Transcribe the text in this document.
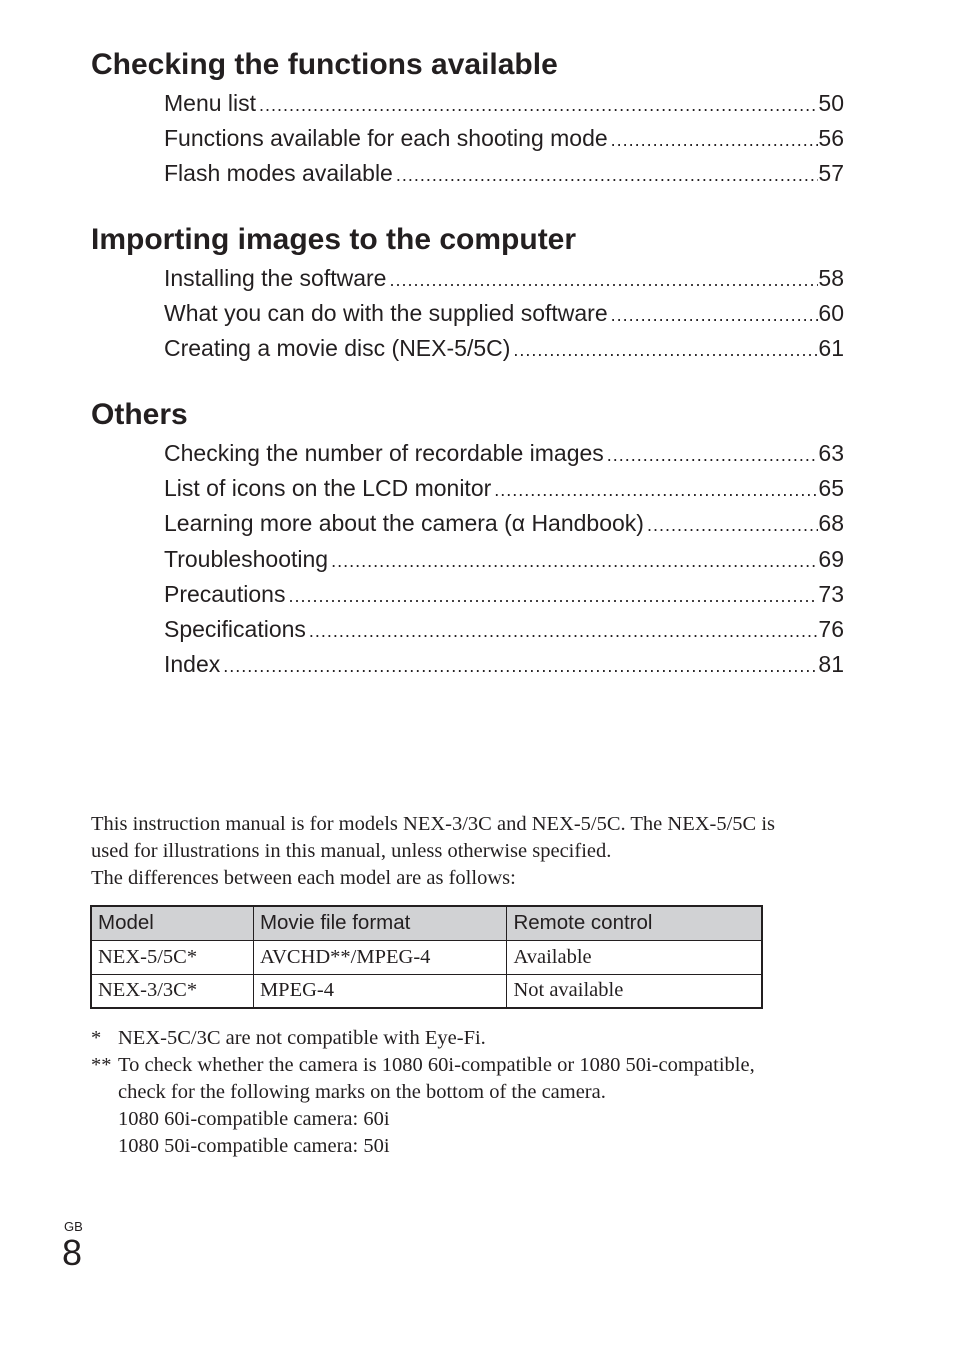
Checking the functions available
Menu list .....	50
Functions available for each shooting mode .....	56
Flash modes available .....	57
Importing images to the computer
Installing the software .....	58
What you can do with the supplied software .....	60
Creating a movie disc (NEX-5/5C) .....	61
Others
Checking the number of recordable images .....	63
List of icons on the LCD monitor .....	65
Learning more about the camera (α Handbook) .....	68
Troubleshooting .....	69
Precautions .....	73
Specifications .....	76
Index .....	81

This instruction manual is for models NEX-3/3C and NEX-5/5C. The NEX-5/5C is

used for illustrations in this manual, unless otherwise specified.

The differences between each model are as follows:

Model	Movie file format	Remote control
NEX-5/5C*	AVCHD**/MPEG-4	Available
NEX-3/3C*	MPEG-4	Not available
* NEX-5C/3C are not compatible with Eye-Fi.
** To check whether the camera is 1080 60i-compatible or 1080 50i-compatible,
check for the following marks on the bottom of the camera.
1080 60i-compatible camera: 60i
1080 50i-compatible camera: 50i
GB
8
